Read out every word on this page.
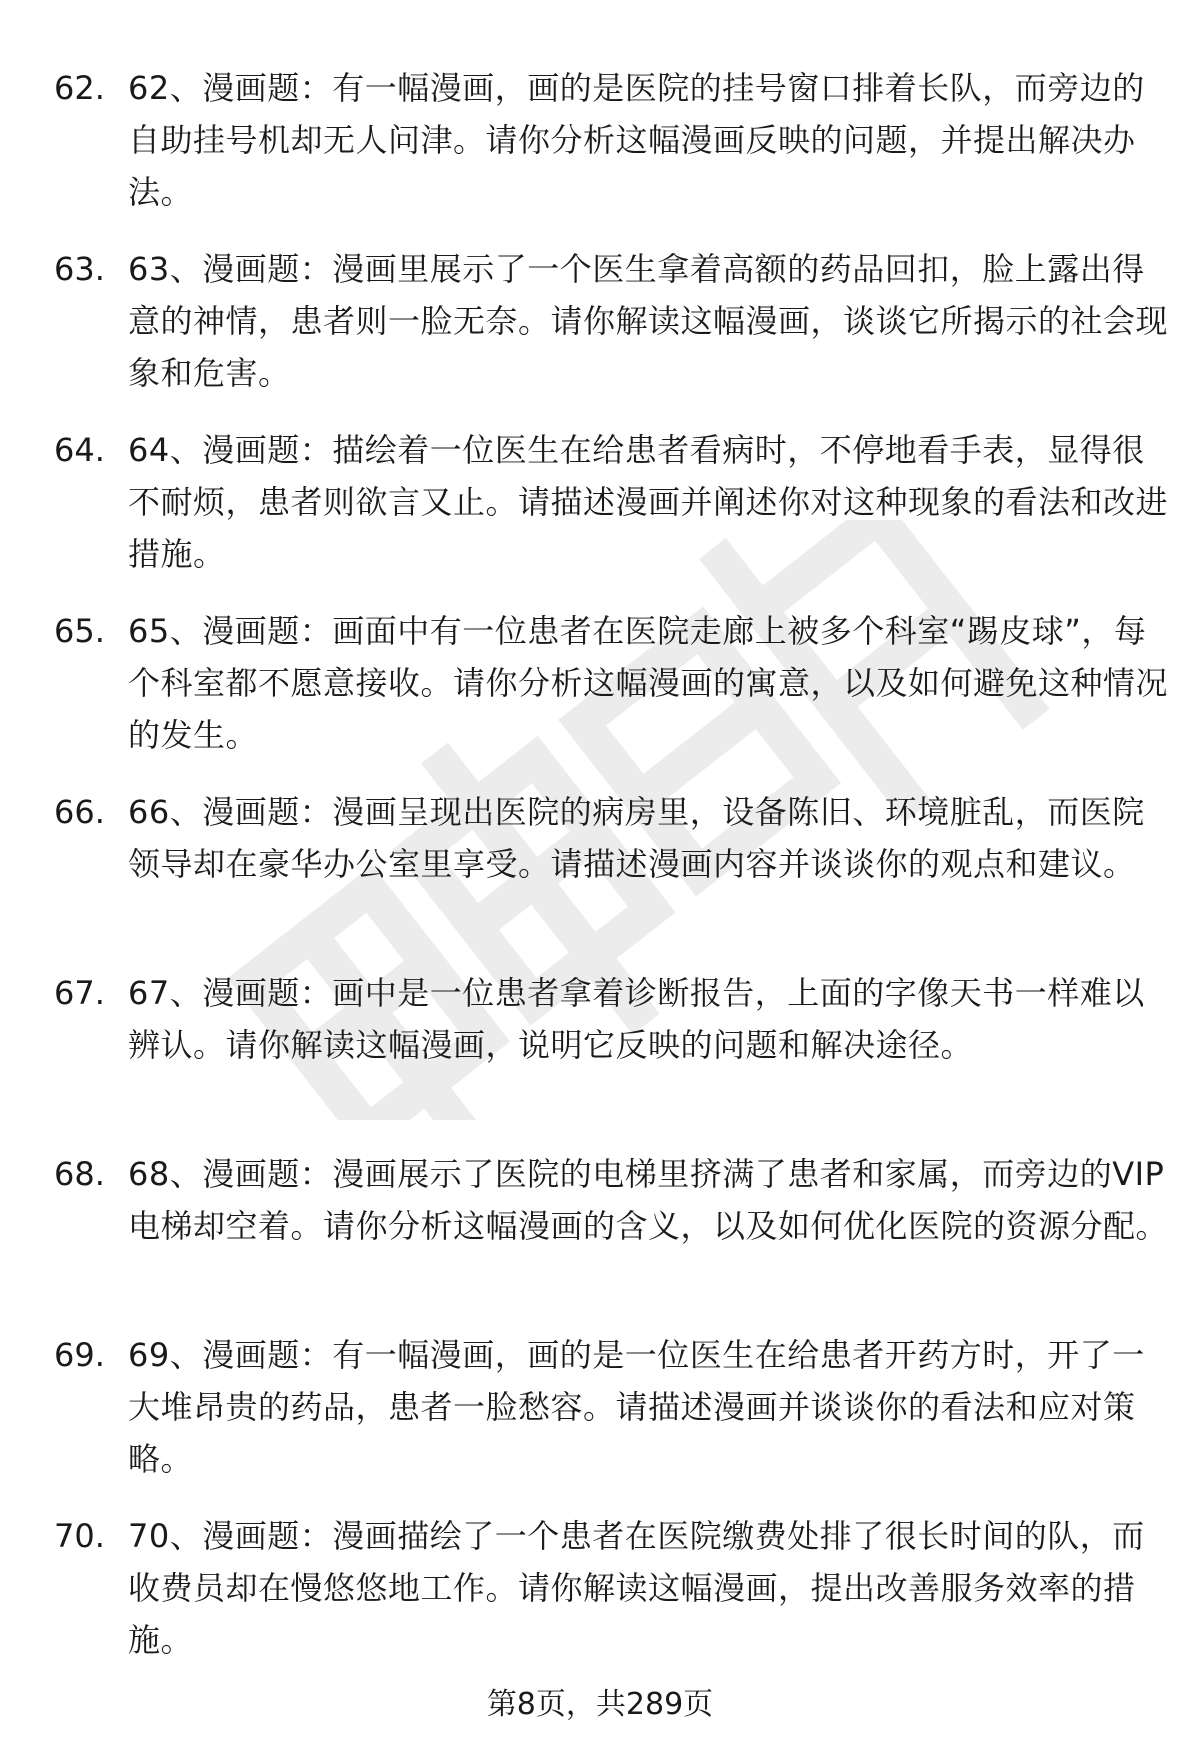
62. 62、漫画题：有一幅漫画，画的是医院的挂号窗口排着长队，而旁边的自助挂号机却无人问津。请你分析这幅漫画反映的问题，并提出解决办法。
63. 63、漫画题：漫画里展示了一个医生拿着高额的药品回扣，脸上露出得意的神情，患者则一脸无奈。请你解读这幅漫画，谈谈它所揭示的社会现象和危害。
64. 64、漫画题：描绘着一位医生在给患者看病时，不停地看手表，显得很不耐烦，患者则欲言又止。请描述漫画并阐述你对这种现象的看法和改进措施。
65. 65、漫画题：画面中有一位患者在医院走廊上被多个科室“踢皮球”，每个科室都不愿意接收。请你分析这幅漫画的寓意，以及如何避免这种情况的发生。
66. 66、漫画题：漫画呈现出医院的病房里，设备陈旧、环境脏乱，而医院领导却在豪华办公室里享受。请描述漫画内容并谈谈你的观点和建议。
67. 67、漫画题：画中是一位患者拿着诊断报告，上面的字像天书一样难以辨认。请你解读这幅漫画，说明它反映的问题和解决途径。
68. 68、漫画题：漫画展示了医院的电梯里挤满了患者和家属，而旁边的VIP电梯却空着。请你分析这幅漫画的含义，以及如何优化医院的资源分配。
69. 69、漫画题：有一幅漫画，画的是一位医生在给患者开药方时，开了一大堆昂贵的药品，患者一脸愁容。请描述漫画并谈谈你的看法和应对策略。
70. 70、漫画题：漫画描绘了一个患者在医院缴费处排了很长时间的队，而收费员却在慢悠悠地工作。请你解读这幅漫画，提出改善服务效率的措施。
第8页，共289页
